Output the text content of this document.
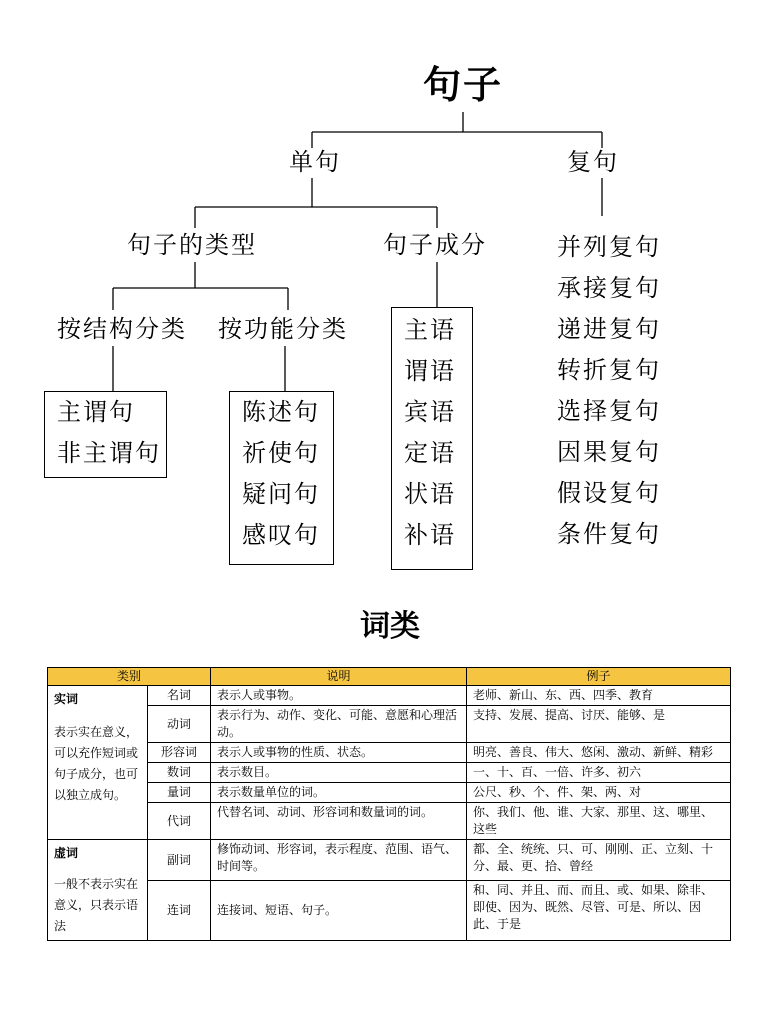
句子
单句	复句
句子的类型	句子成分
按结构分类 按功能分类
主谓句
非主谓句
陈述句
祈使句
疑问句
感叹句
主语
谓语
宾语
定语
状语
补语
并列复句
承接复句
递进复句
转折复句
选择复句
因果复句
假设复句
条件复句
词类
类别		说明	例子

实词
表示实在意义，可以充作短词或句子成分，也可以独立成句。	名词	表示人或事物。	老师、新山、东、西、四季、教育
	动词	表示行为、动作、变化、可能、意愿和心理活动。	支持、发展、提高、讨厌、能够、是
	形容词	表示人或事物的性质、状态。	明亮、善良、伟大、悠闲、激动、新鲜、精彩
	数词	表示数目。	一、十、百、一倍、许多、初六
	量词	表示数量单位的词。	公尺、秒、个、件、架、两、对
	代词	代替名词、动词、形容词和数量词的词。	你、我们、他、谁、大家、那里、这、哪里、这些

虚词
一般不表示实在意义，只表示语法	副词	修饰动词、形容词，表示程度、范围、语气、时间等。	都、全、统统、只、可、刚刚、正、立刻、十分、最、更、拾、曾经
	连词	连接词、短语、句子。	和、同、并且、而、而且、或、如果、除非、即使、因为、既然、尽管、可是、所以、因此、于是
